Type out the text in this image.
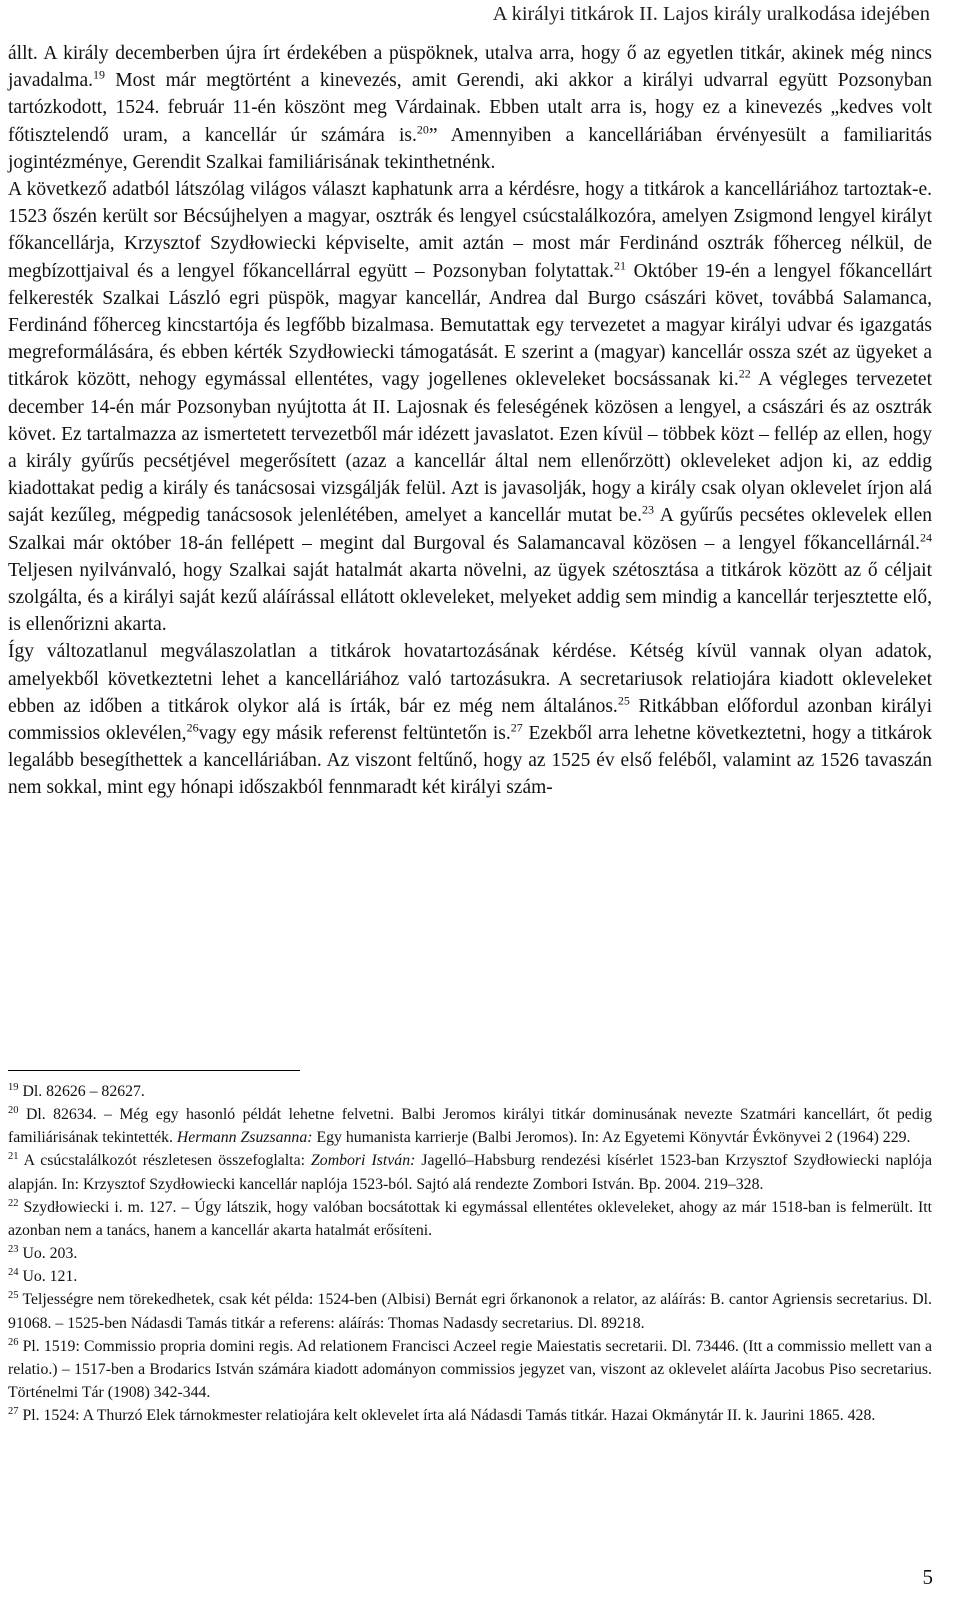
A királyi titkárok II. Lajos király uralkodása idejében

állt. A király decemberben újra írt érdekében a püspöknek, utalva arra, hogy ő az egyetlen titkár, akinek még nincs javadalma.$^{19}$ Most már megtörtént a kinevezés, amit Gerendi, aki akkor a királyi udvarral együtt Pozsonyban tartózkodott, 1524. február 11-én köszönt meg Várdainak. Ebben utalt arra is, hogy ez a kinevezés „kedves volt főtisztelendő uram, a kancellár úr számára is.$^{20}$” Amennyiben a kancelláriában érvényesült a familiaritás jogintézménye, Gerendit Szalkai familiárisának tekinthetnénk.

A következő adatból látszólag világos választ kaphatunk arra a kérdésre, hogy a titkárok a kancelláriához tartoztak-e. 1523 őszén került sor Bécsújhelyen a magyar, osztrák és lengyel csúcstalálkozóra, amelyen Zsigmond lengyel királyt főkancellárja, Krzysztof Szydłowiecki képviselte, amit aztán – most már Ferdinánd osztrák főherceg nélkül, de megbízottjaival és a lengyel főkancellárral együtt – Pozsonyban folytattak.$^{21}$ Október 19-én a lengyel főkancellárt felkeresték Szalkai László egri püspök, magyar kancellár, Andrea dal Burgo császári követ, továbbá Salamanca, Ferdinánd főherceg kincstartója és legfőbb bizalmasa. Bemutattak egy tervezetet a magyar királyi udvar és igazgatás megreformálására, és ebben kérték Szydłowiecki támogatását. E szerint a (magyar) kancellár ossza szét az ügyeket a titkárok között, nehogy egymással ellentétes, vagy jogellenes okleveleket bocsássanak ki.$^{22}$ A végleges tervezetet december 14-én már Pozsonyban nyújtotta át II. Lajosnak és feleségének közösen a lengyel, a császári és az osztrák követ. Ez tartalmazza az ismertetett tervezetből már idézett javaslatot. Ezen kívül – többek közt – fellép az ellen, hogy a király gyűrűs pecsétjével megerősített (azaz a kancellár által nem ellenőrzött) okleveleket adjon ki, az eddig kiadottakat pedig a király és tanácsosai vizsgálják felül. Azt is javasolják, hogy a király csak olyan oklevelet írjon alá saját kezűleg, mégpedig tanácsosok jelenlétében, amelyet a kancellár mutat be.$^{23}$ A gyűrűs pecsétes oklevelek ellen Szalkai már október 18-án fellépett – megint dal Burgoval és Salamancaval közösen – a lengyel főkancellárnál.$^{24}$ Teljesen nyilvánvaló, hogy Szalkai saját hatalmát akarta növelni, az ügyek szétosztása a titkárok között az ő céljait szolgálta, és a királyi saját kezű aláírással ellátott okleveleket, melyeket addig sem mindig a kancellár terjesztette elő, is ellenőrizni akarta.

Így változatlanul megválaszolatlan a titkárok hovatartozásának kérdése. Kétség kívül vannak olyan adatok, amelyekből következtetni lehet a kancelláriához való tartozásukra. A secretariusok relatiojára kiadott okleveleket ebben az időben a titkárok olykor alá is írták, bár ez még nem általános.$^{25}$ Ritkábban előfordul azonban királyi commissios oklevélen,$^{26}$vagy egy másik referenst feltüntetőn is.$^{27}$ Ezekből arra lehetne következtetni, hogy a titkárok legalább besegíthettek a kancelláriában. Az viszont feltűnő, hogy az 1525 év első feléből, valamint az 1526 tavaszán nem sokkal, mint egy hónapi időszakból fennmaradt két királyi szám-

$^{19}$ Dl. 82626 – 82627.

$^{20}$ Dl. 82634. – Még egy hasonló példát lehetne felvetni. Balbi Jeromos királyi titkár dominusának nevezte Szatmári kancellárt, őt pedig familiárisának tekintették. Hermann Zsuzsanna: Egy humanista karrierje (Balbi Jeromos). In: Az Egyetemi Könyvtár Évkönyvei 2 (1964) 229.

$^{21}$ A csúcstalálkozót részletesen összefoglalta: Zombori István: Jagelló–Habsburg rendezési kísérlet 1523-ban Krzysztof Szydłowiecki naplója alapján. In: Krzysztof Szydłowiecki kancellár naplója 1523-ból. Sajtó alá rendezte Zombori István. Bp. 2004. 219–328.

$^{22}$ Szydłowiecki i. m. 127. – Úgy látszik, hogy valóban bocsátottak ki egymással ellentétes okleveleket, ahogy az már 1518-ban is felmerült. Itt azonban nem a tanács, hanem a kancellár akarta hatalmát erősíteni.

$^{23}$ Uo. 203.

$^{24}$ Uo. 121.

$^{25}$ Teljességre nem törekedhetek, csak két példa: 1524-ben (Albisi) Bernát egri őrkanonok a relator, az aláírás: B. cantor Agriensis secretarius. Dl. 91068. – 1525-ben Nádasdi Tamás titkár a referens: aláírás: Thomas Nadasdy secretarius. Dl. 89218.

$^{26}$ Pl. 1519: Commissio propria domini regis. Ad relationem Francisci Aczeel regie Maiestatis secretarii. Dl. 73446. (Itt a commissio mellett van a relatio.) – 1517-ben a Brodarics István számára kiadott adományon commissios jegyzet van, viszont az oklevelet aláírta Jacobus Piso secretarius. Történelmi Tár (1908) 342-344.

$^{27}$ Pl. 1524: A Thurzó Elek tárnokmester relatiojára kelt oklevelet írta alá Nádasdi Tamás titkár. Hazai Okmánytár II. k. Jaurini 1865. 428.

5
